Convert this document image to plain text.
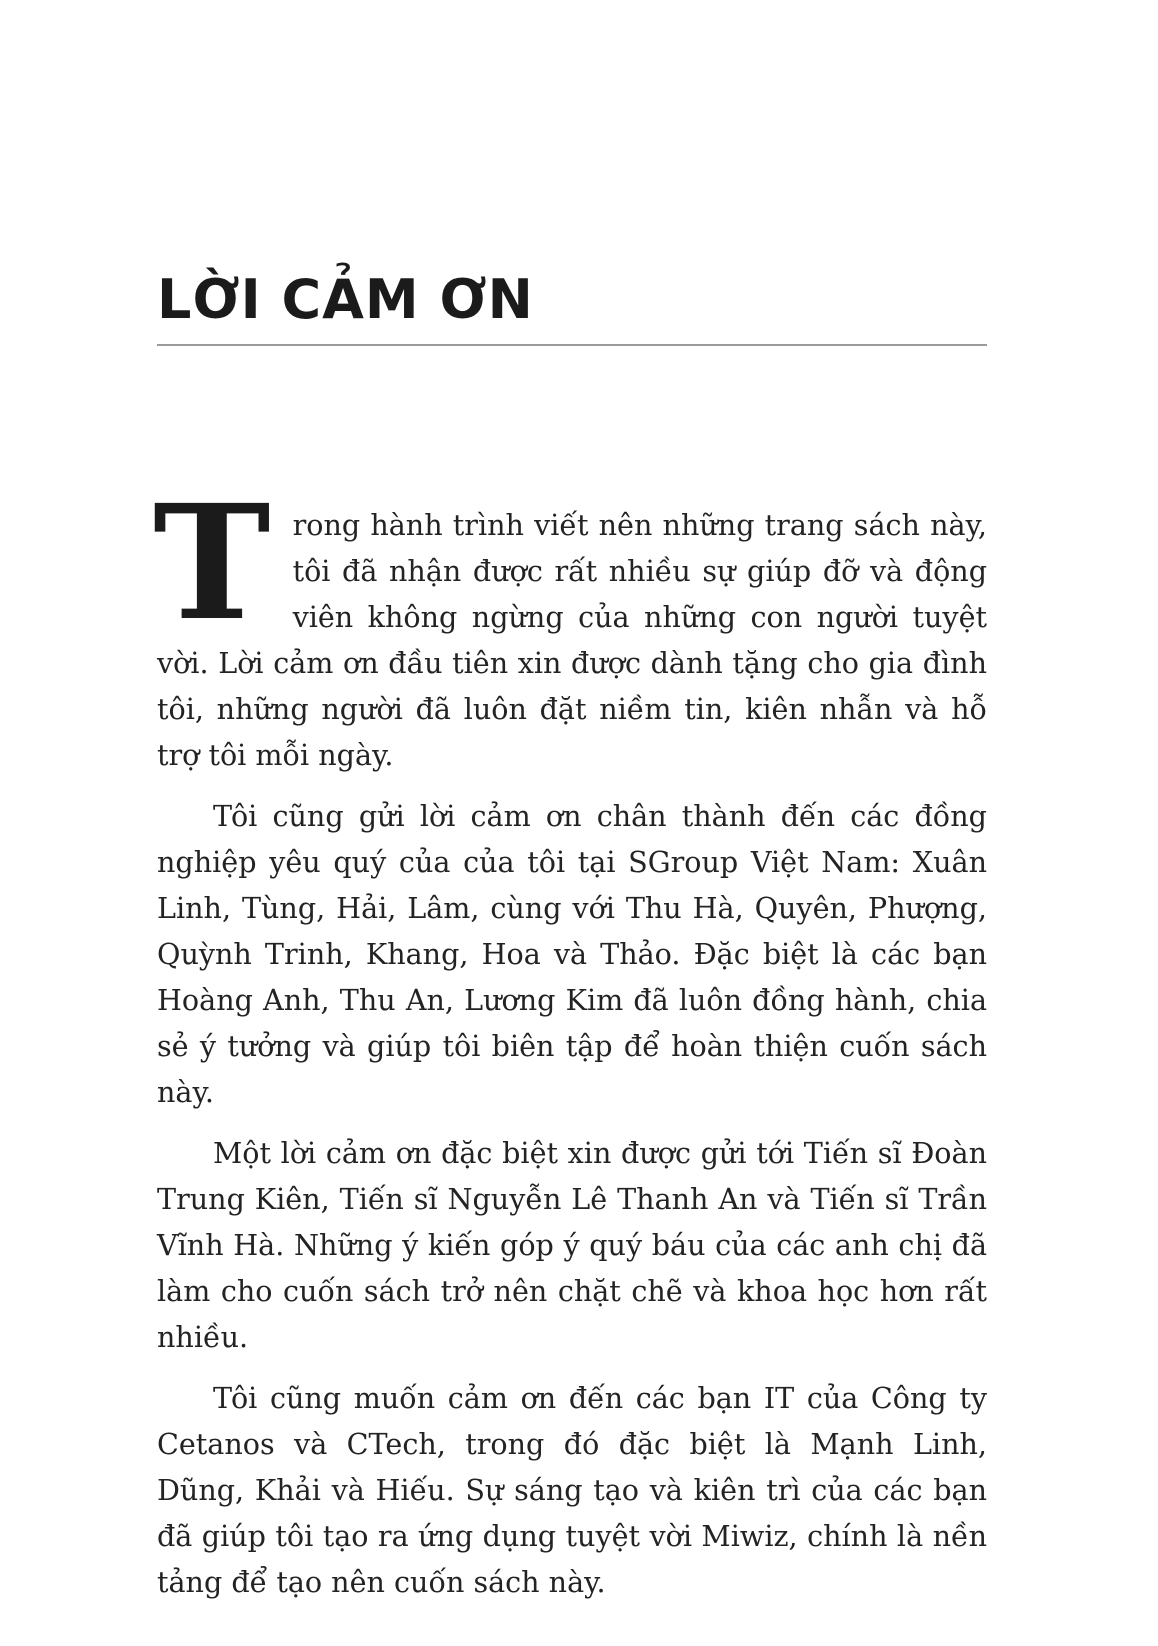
LỜI CẢM ƠN

Trong hành trình viết nên những trang sách này, tôi đã nhận được rất nhiều sự giúp đỡ và động viên không ngừng của những con người tuyệt vời. Lời cảm ơn đầu tiên xin được dành tặng cho gia đình tôi, những người đã luôn đặt niềm tin, kiên nhẫn và hỗ trợ tôi mỗi ngày.

Tôi cũng gửi lời cảm ơn chân thành đến các đồng nghiệp yêu quý của của tôi tại SGroup Việt Nam: Xuân Linh, Tùng, Hải, Lâm, cùng với Thu Hà, Quyên, Phượng, Quỳnh Trinh, Khang, Hoa và Thảo. Đặc biệt là các bạn Hoàng Anh, Thu An, Lương Kim đã luôn đồng hành, chia sẻ ý tưởng và giúp tôi biên tập để hoàn thiện cuốn sách này.

Một lời cảm ơn đặc biệt xin được gửi tới Tiến sĩ Đoàn Trung Kiên, Tiến sĩ Nguyễn Lê Thanh An và Tiến sĩ Trần Vĩnh Hà. Những ý kiến góp ý quý báu của các anh chị đã làm cho cuốn sách trở nên chặt chẽ và khoa học hơn rất nhiều.

Tôi cũng muốn cảm ơn đến các bạn IT của Công ty Cetanos và CTech, trong đó đặc biệt là Mạnh Linh, Dũng, Khải và Hiếu. Sự sáng tạo và kiên trì của các bạn đã giúp tôi tạo ra ứng dụng tuyệt vời Miwiz, chính là nền tảng để tạo nên cuốn sách này.
